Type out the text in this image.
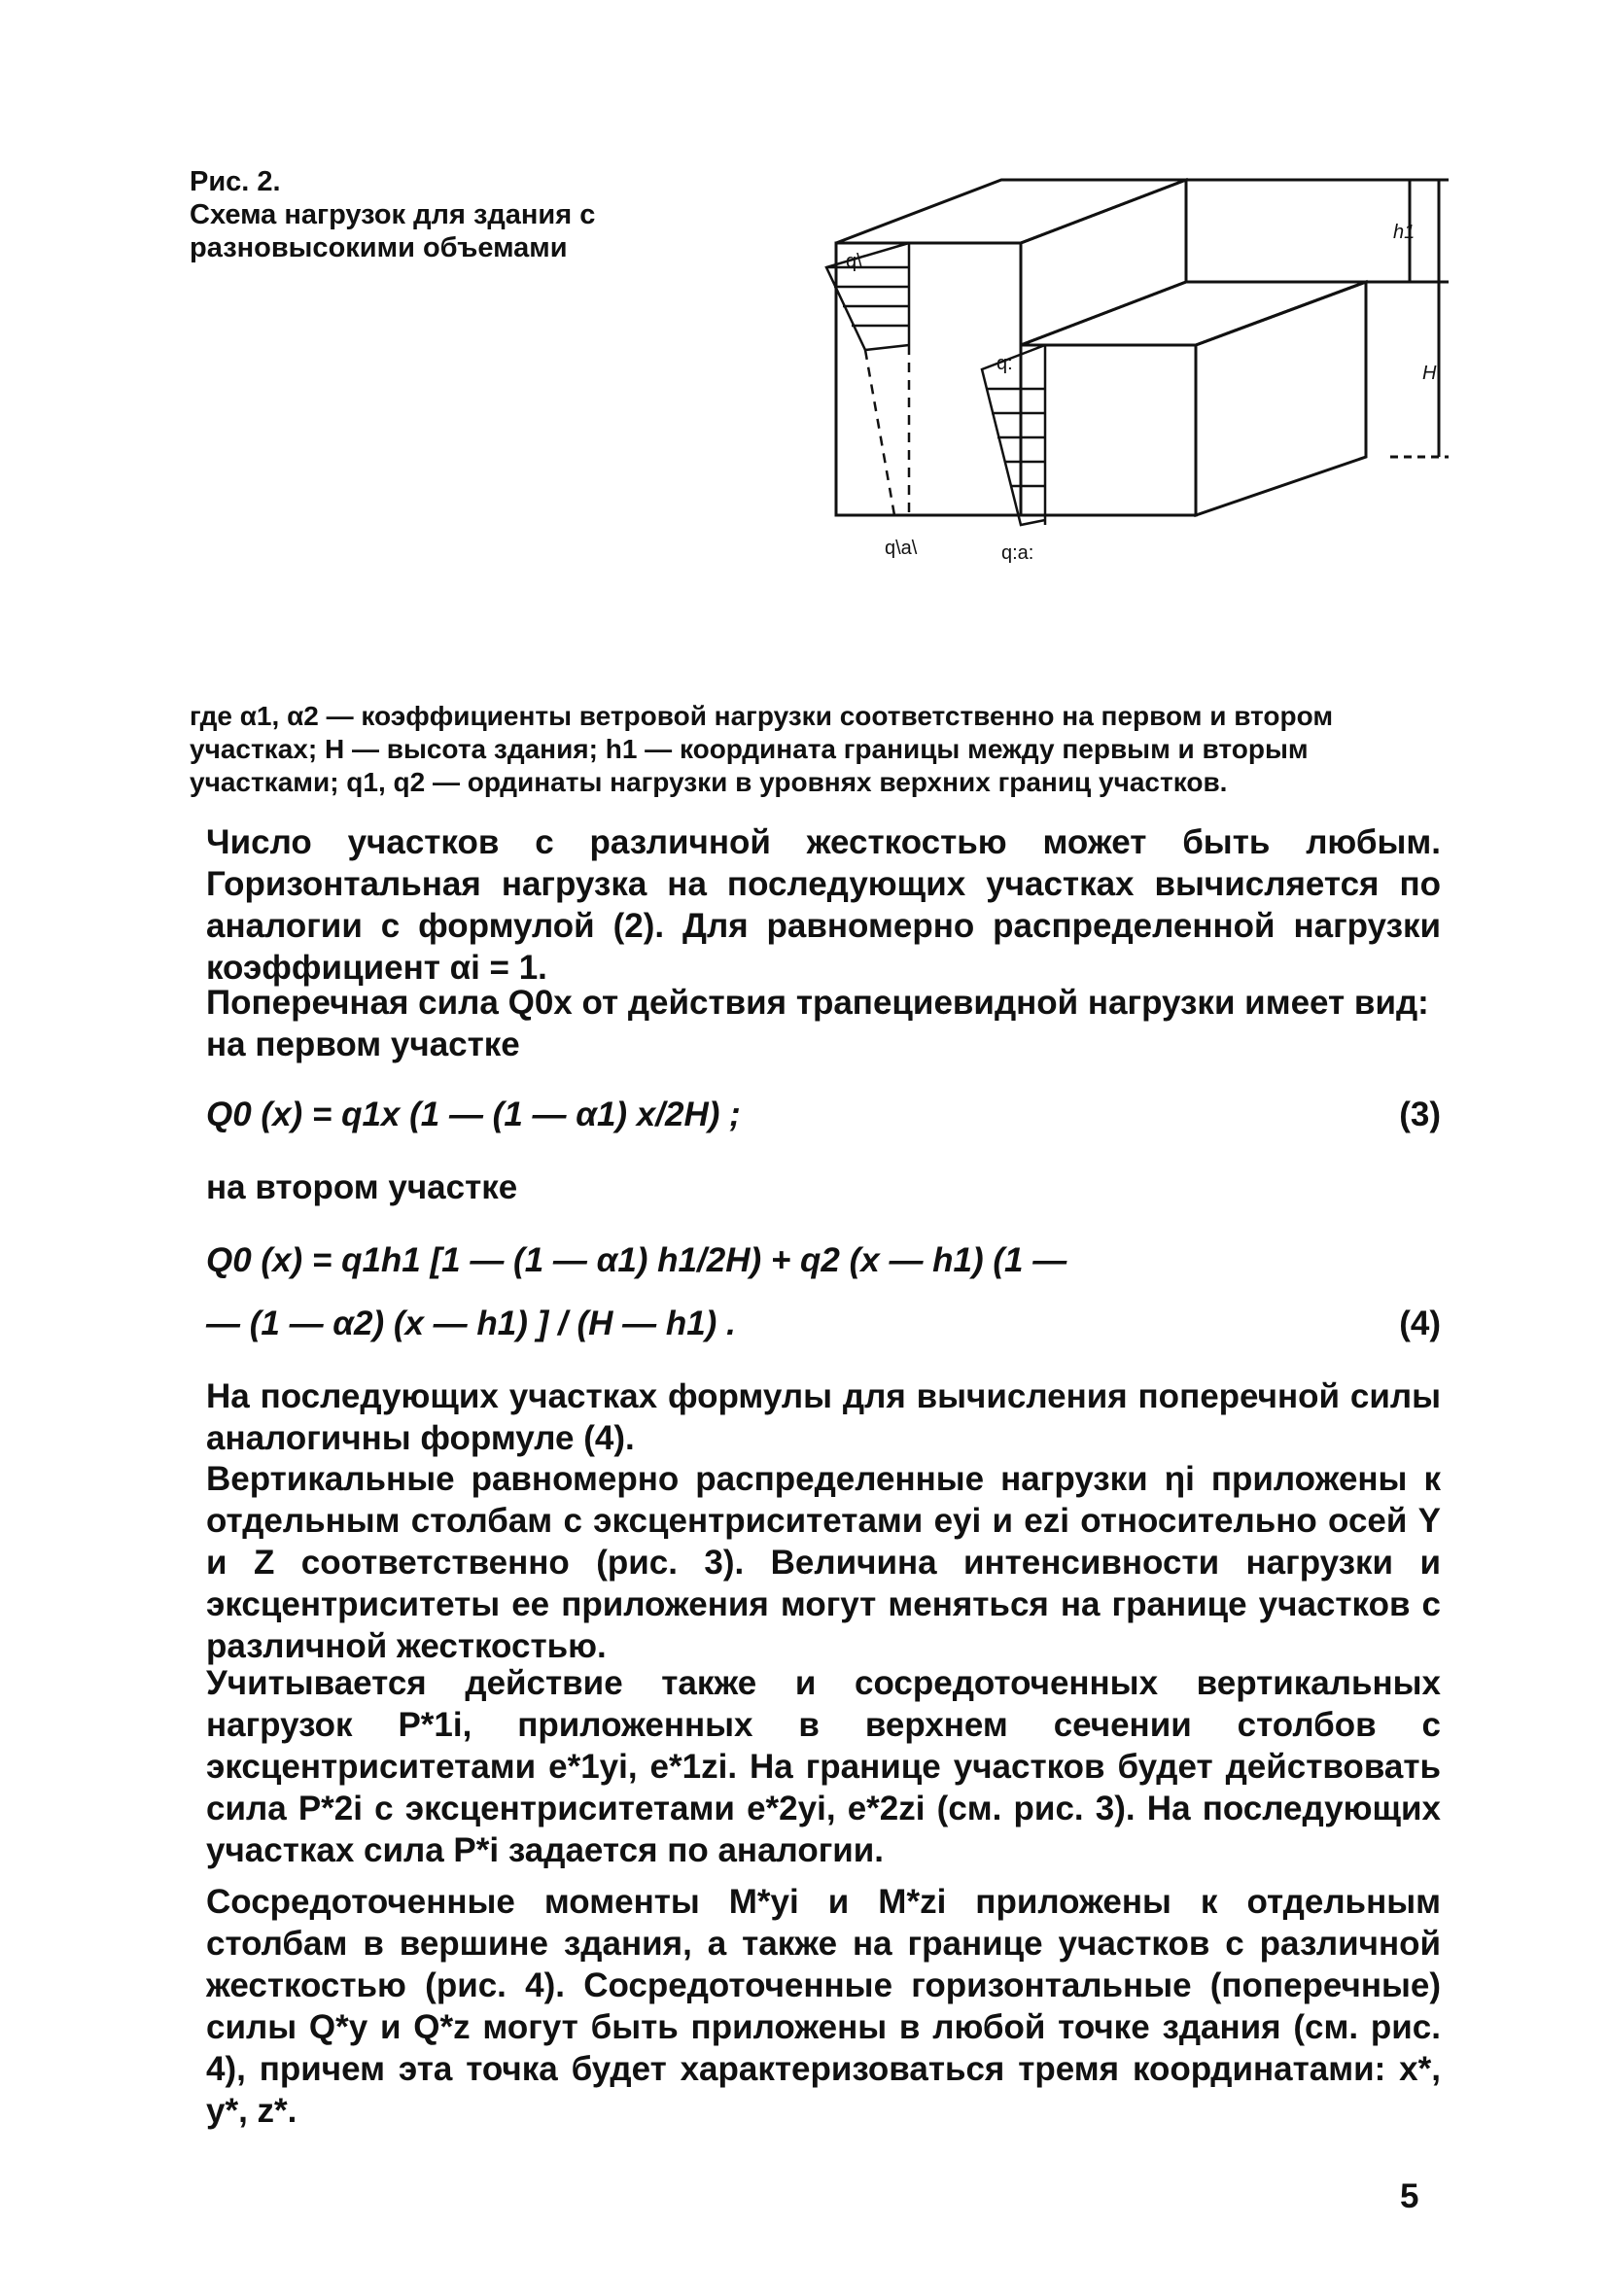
Рис. 2.
Схема нагрузок для здания с разновысокими объемами	q\
q:
q\a\	q:a:
h1
H
где α1, α2 — коэффициенты ветровой нагрузки соответственно на первом и втором участках; H — высота здания; h1 — координата границы между первым и вторым участками; q1, q2 — ординаты нагрузки в уровнях верхних границ участков.
Число участков с различной жесткостью может быть любым. Горизонтальная нагрузка на последующих участках вычисляется по аналогии с формулой (2). Для равномерно распределенной нагрузки коэффициент αi = 1.
Поперечная сила Q0x от действия трапециевидной нагрузки имеет вид:
на первом участке
Q0 (x) = q1x (1 — (1 — α1) x/2H) ;	(3)
на втором участке
Q0 (x) = q1h1 [1 — (1 — α1) h1/2H) + q2 (x — h1) (1 —
— (1 — α2) (x — h1) ] / (H — h1) .	(4)
На последующих участках формулы для вычисления поперечной силы аналогичны формуле (4).
Вертикальные равномерно распределенные нагрузки ηi приложены к отдельным столбам с эксцентриситетами eyi и ezi относительно осей Y и Z соответственно (рис. 3). Величина интенсивности нагрузки и эксцентриситеты ее приложения могут меняться на границе участков с различной жесткостью.
Учитывается действие также и сосредоточенных вертикальных нагрузок P*1i, приложенных в верхнем сечении столбов с эксцентриситетами e*1yi, e*1zi. На границе участков будет действовать сила P*2i с эксцентриситетами e*2yi, e*2zi (см. рис. 3). На последующих участках сила P*i задается по аналогии.
Сосредоточенные моменты M*yi и M*zi приложены к отдельным столбам в вершине здания, а также на границе участков с различной жесткостью (рис. 4). Сосредоточенные горизонтальные (поперечные) силы Q*y и Q*z могут быть приложены в любой точке здания (см. рис. 4), причем эта точка будет характеризоваться тремя координатами: x*, y*, z*.
5
